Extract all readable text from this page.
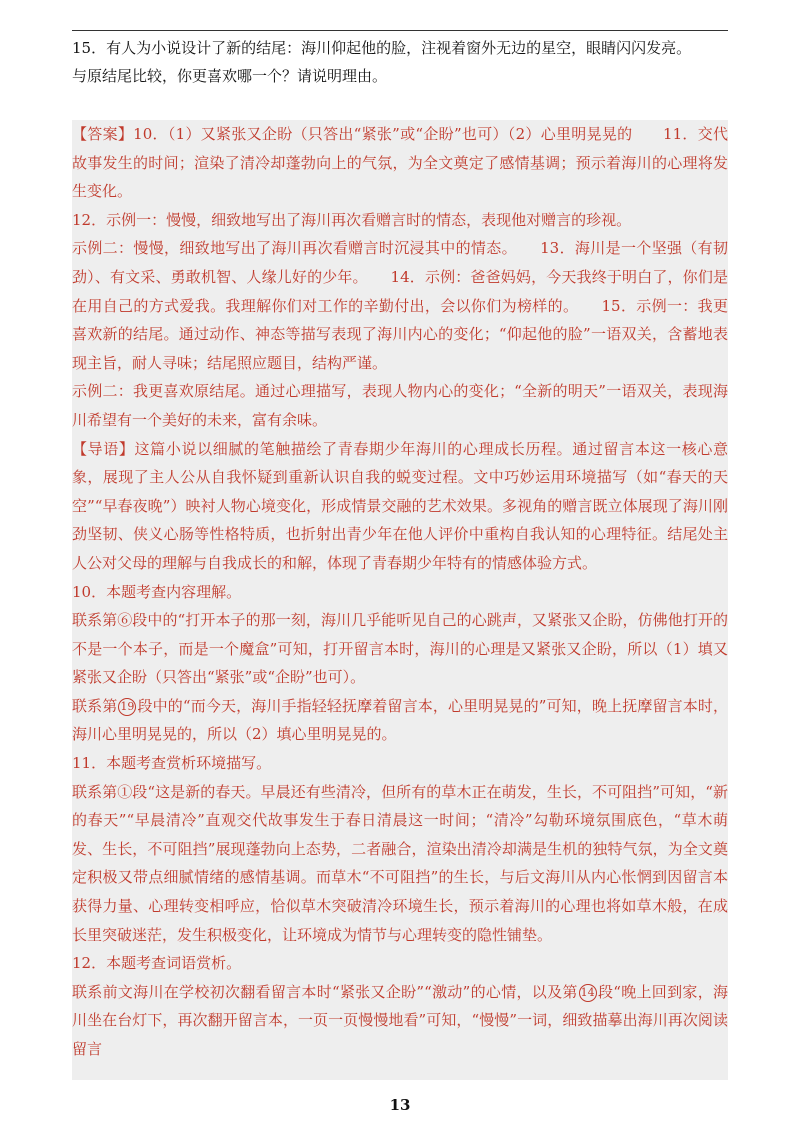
15．有人为小说设计了新的结尾：海川仰起他的脸，注视着窗外无边的星空，眼睛闪闪发亮。
与原结尾比较，你更喜欢哪一个？请说明理由。

【答案】10．（1）又紧张又企盼（只答出“紧张”或“企盼”也可）（2）心里明晃晃的　　11．交代故事发生的时间；渲染了清冷却蓬勃向上的气氛，为全文奠定了感情基调；预示着海川的心理将发生变化。

12．示例一：慢慢，细致地写出了海川再次看赠言时的情态，表现他对赠言的珍视。

示例二：慢慢，细致地写出了海川再次看赠言时沉浸其中的情态。　　13．海川是一个坚强（有韧劲）、有文采、勇敢机智、人缘儿好的少年。　　14．示例：爸爸妈妈，今天我终于明白了，你们是在用自己的方式爱我。我理解你们对工作的辛勤付出，会以你们为榜样的。　　15．示例一：我更喜欢新的结尾。通过动作、神态等描写表现了海川内心的变化；“仰起他的脸”一语双关，含蓄地表现主旨，耐人寻味；结尾照应题目，结构严谨。

示例二：我更喜欢原结尾。通过心理描写，表现人物内心的变化；“全新的明天”一语双关，表现海川希望有一个美好的未来，富有余味。

【导语】这篇小说以细腻的笔触描绘了青春期少年海川的心理成长历程。通过留言本这一核心意象，展现了主人公从自我怀疑到重新认识自我的蜕变过程。文中巧妙运用环境描写（如“春天的天空”“早春夜晚”）映衬人物心境变化，形成情景交融的艺术效果。多视角的赠言既立体展现了海川刚劲坚韧、侠义心肠等性格特质，也折射出青少年在他人评价中重构自我认知的心理特征。结尾处主人公对父母的理解与自我成长的和解，体现了青春期少年特有的情感体验方式。

10．本题考查内容理解。

联系第⑥段中的“打开本子的那一刻，海川几乎能听见自己的心跳声，又紧张又企盼，仿佛他打开的不是一个本子，而是一个魔盒”可知，打开留言本时，海川的心理是又紧张又企盼，所以（1）填又紧张又企盼（只答出“紧张”或“企盼”也可）。

联系第 19 段中的“而今天，海川手指轻轻抚摩着留言本，心里明晃晃的”可知，晚上抚摩留言本时，海川心里明晃晃的，所以（2）填心里明晃晃的。

11．本题考查赏析环境描写。

联系第①段“这是新的春天。早晨还有些清冷，但所有的草木正在萌发，生长，不可阻挡”可知，“新的春天”“早晨清冷”直观交代故事发生于春日清晨这一时间；“清冷”勾勒环境氛围底色，“草木萌发、生长，不可阻挡”展现蓬勃向上态势，二者融合，渲染出清冷却满是生机的独特气氛，为全文奠定积极又带点细腻情绪的感情基调。而草木“不可阻挡”的生长，与后文海川从内心怅惘到因留言本获得力量、心理转变相呼应，恰似草木突破清冷环境生长，预示着海川的心理也将如草木般，在成长里突破迷茫，发生积极变化，让环境成为情节与心理转变的隐性铺垫。

12．本题考查词语赏析。

联系前文海川在学校初次翻看留言本时“紧张又企盼”“激动”的心情，以及第 14 段“晚上回到家，海川坐在台灯下，再次翻开留言本，一页一页慢慢地看”可知，“慢慢”一词，细致描摹出海川再次阅读留言

13
